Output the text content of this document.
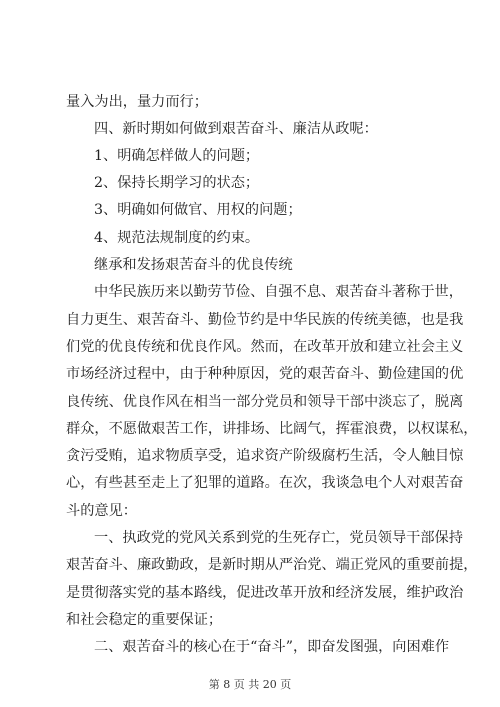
量入为出，量力而行；
四、新时期如何做到艰苦奋斗、廉洁从政呢：
1、明确怎样做人的问题；
2、保持长期学习的状态；
3、明确如何做官、用权的问题；
4、规范法规制度的约束。
继承和发扬艰苦奋斗的优良传统
中华民族历来以勤劳节俭、自强不息、艰苦奋斗著称于世，
自力更生、艰苦奋斗、勤俭节约是中华民族的传统美德，也是我
们党的优良传统和优良作风。然而，在改革开放和建立社会主义
市场经济过程中，由于种种原因，党的艰苦奋斗、勤俭建国的优
良传统、优良作风在相当一部分党员和领导干部中淡忘了，脱离
群众，不愿做艰苦工作，讲排场、比阔气，挥霍浪费，以权谋私，
贪污受贿，追求物质享受，追求资产阶级腐朽生活，令人触目惊
心，有些甚至走上了犯罪的道路。在次，我谈急电个人对艰苦奋
斗的意见：
一、执政党的党风关系到党的生死存亡，党员领导干部保持
艰苦奋斗、廉政勤政，是新时期从严治党、端正党风的重要前提，
是贯彻落实党的基本路线，促进改革开放和经济发展，维护政治
和社会稳定的重要保证；
二、艰苦奋斗的核心在于“奋斗”，即奋发图强，向困难作
第 8 页 共 20 页
